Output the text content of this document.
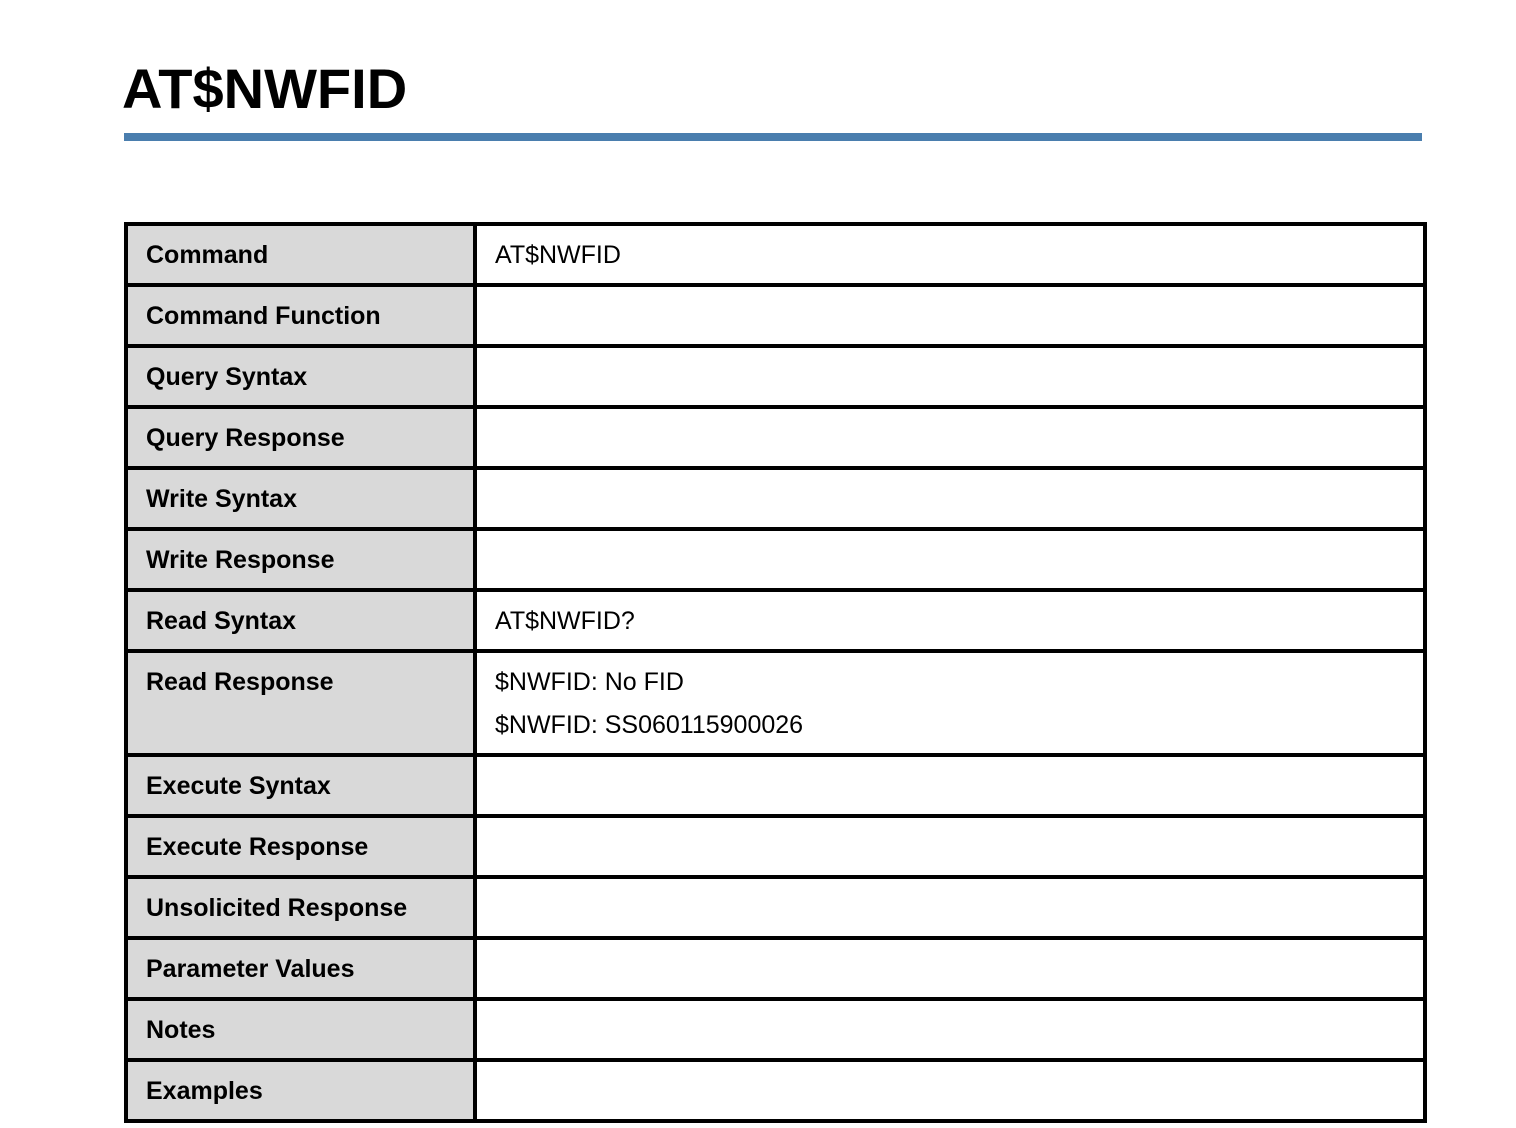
AT$NWFID
Command	AT$NWFID

Command Function	

Query Syntax	

Query Response	

Write Syntax	

Write Response	

Read Syntax	AT$NWFID?

Read Response	$NWFID: No FID
$NWFID: SS060115900026

Execute Syntax	

Execute Response	

Unsolicited Response	

Parameter Values	

Notes	

Examples	
